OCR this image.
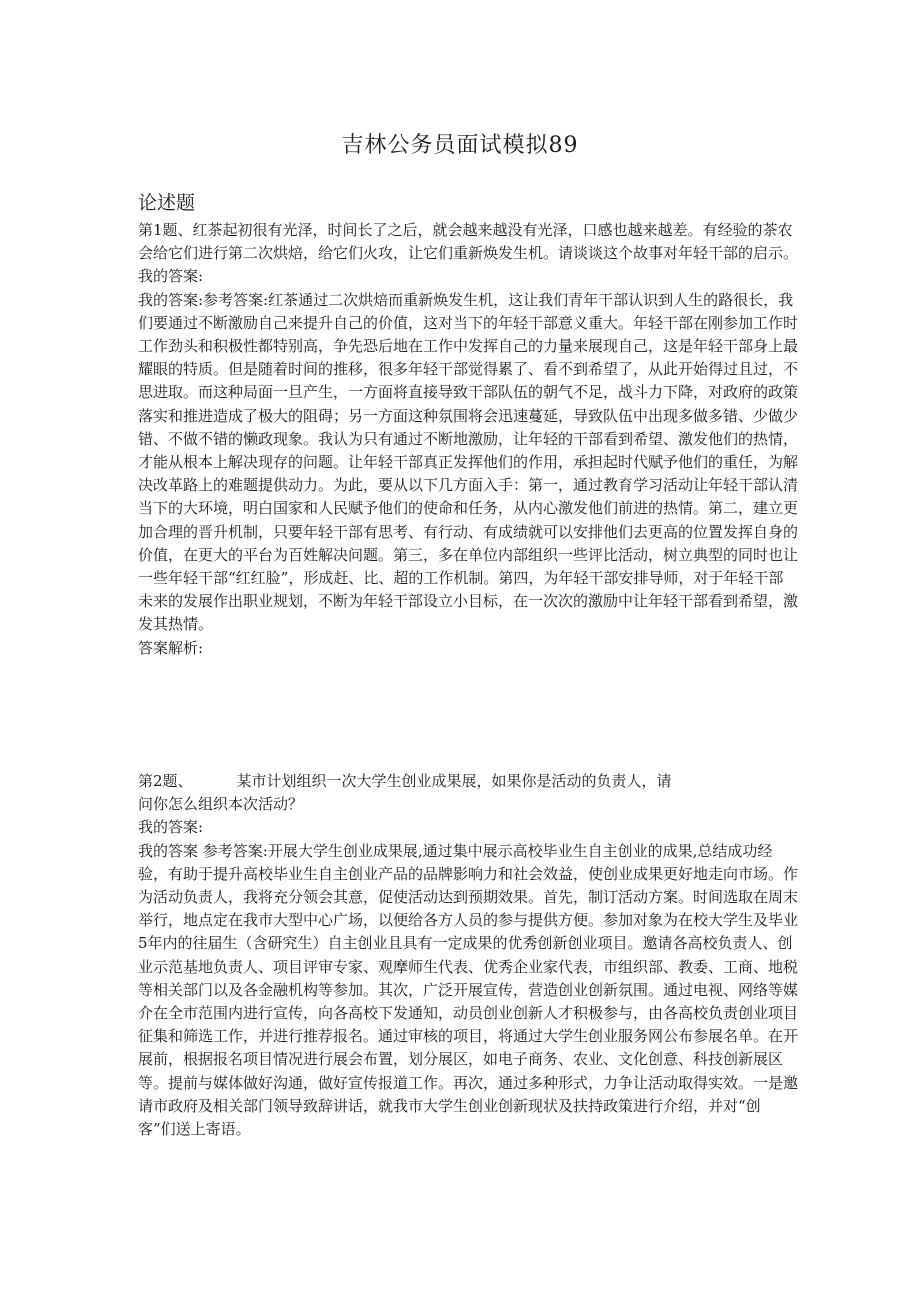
吉林公务员面试模拟89
论述题

第1题、红茶起初很有光泽，时间长了之后，就会越来越没有光泽，口感也越来越差。有经验的茶农会给它们进行第二次烘焙，给它们火攻，让它们重新焕发生机。请谈谈这个故事对年轻干部的启示。

我的答案:

我的答案:参考答案:红茶通过二次烘焙而重新焕发生机，这让我们青年干部认识到人生的路很长，我们要通过不断激励自己来提升自己的价值，这对当下的年轻干部意义重大。年轻干部在刚参加工作时工作劲头和积极性都特别高，争先恐后地在工作中发挥自己的力量来展现自己，这是年轻干部身上最耀眼的特质。但是随着时间的推移，很多年轻干部觉得累了、看不到希望了，从此开始得过且过，不思进取。而这种局面一旦产生，一方面将直接导致干部队伍的朝气不足，战斗力下降，对政府的政策落实和推进造成了极大的阻碍；另一方面这种氛围将会迅速蔓延，导致队伍中出现多做多错、少做少错、不做不错的懒政现象。我认为只有通过不断地激励，让年轻的干部看到希望、激发他们的热情，才能从根本上解决现存的问题。让年轻干部真正发挥他们的作用，承担起时代赋予他们的重任，为解决改革路上的难题提供动力。为此，要从以下几方面入手：第一，通过教育学习活动让年轻干部认清当下的大环境，明白国家和人民赋予他们的使命和任务，从内心激发他们前进的热情。第二，建立更加合理的晋升机制，只要年轻干部有思考、有行动、有成绩就可以安排他们去更高的位置发挥自身的价值，在更大的平台为百姓解决问题。第三，多在单位内部组织一些评比活动，树立典型的同时也让一些年轻干部“红红脸”，形成赶、比、超的工作机制。第四，为年轻干部安排导师，对于年轻干部未来的发展作出职业规划，不断为年轻干部设立小目标，在一次次的激励中让年轻干部看到希望，激发其热情。

答案解析:

第2题、	某市计划组织一次大学生创业成果展，如果你是活动的负责人，请

问你怎么组织本次活动？

我的答案:

我的答案 参考答案:开展大学生创业成果展,通过集中展示高校毕业生自主创业的成果,总结成功经验，有助于提升高校毕业生自主创业产品的品牌影响力和社会效益，使创业成果更好地走向市场。作为活动负责人，我将充分领会其意，促使活动达到预期效果。首先，制订活动方案。时间选取在周末举行，地点定在我市大型中心广场，以便给各方人员的参与提供方便。参加对象为在校大学生及毕业5年内的往届生（含研究生）自主创业且具有一定成果的优秀创新创业项目。邀请各高校负责人、创业示范基地负责人、项目评审专家、观摩师生代表、优秀企业家代表，市组织部、教委、工商、地税等相关部门以及各金融机构等参加。其次，广泛开展宣传，营造创业创新氛围。通过电视、网络等媒介在全市范围内进行宣传，向各高校下发通知，动员创业创新人才积极参与，由各高校负责创业项目征集和筛选工作，并进行推荐报名。通过审核的项目，将通过大学生创业服务网公布参展名单。在开展前，根据报名项目情况进行展会布置，划分展区，如电子商务、农业、文化创意、科技创新展区等。提前与媒体做好沟通，做好宣传报道工作。再次，通过多种形式，力争让活动取得实效。一是邀请市政府及相关部门领导致辞讲话，就我市大学生创业创新现状及扶持政策进行介绍，并对“创客”们送上寄语。
